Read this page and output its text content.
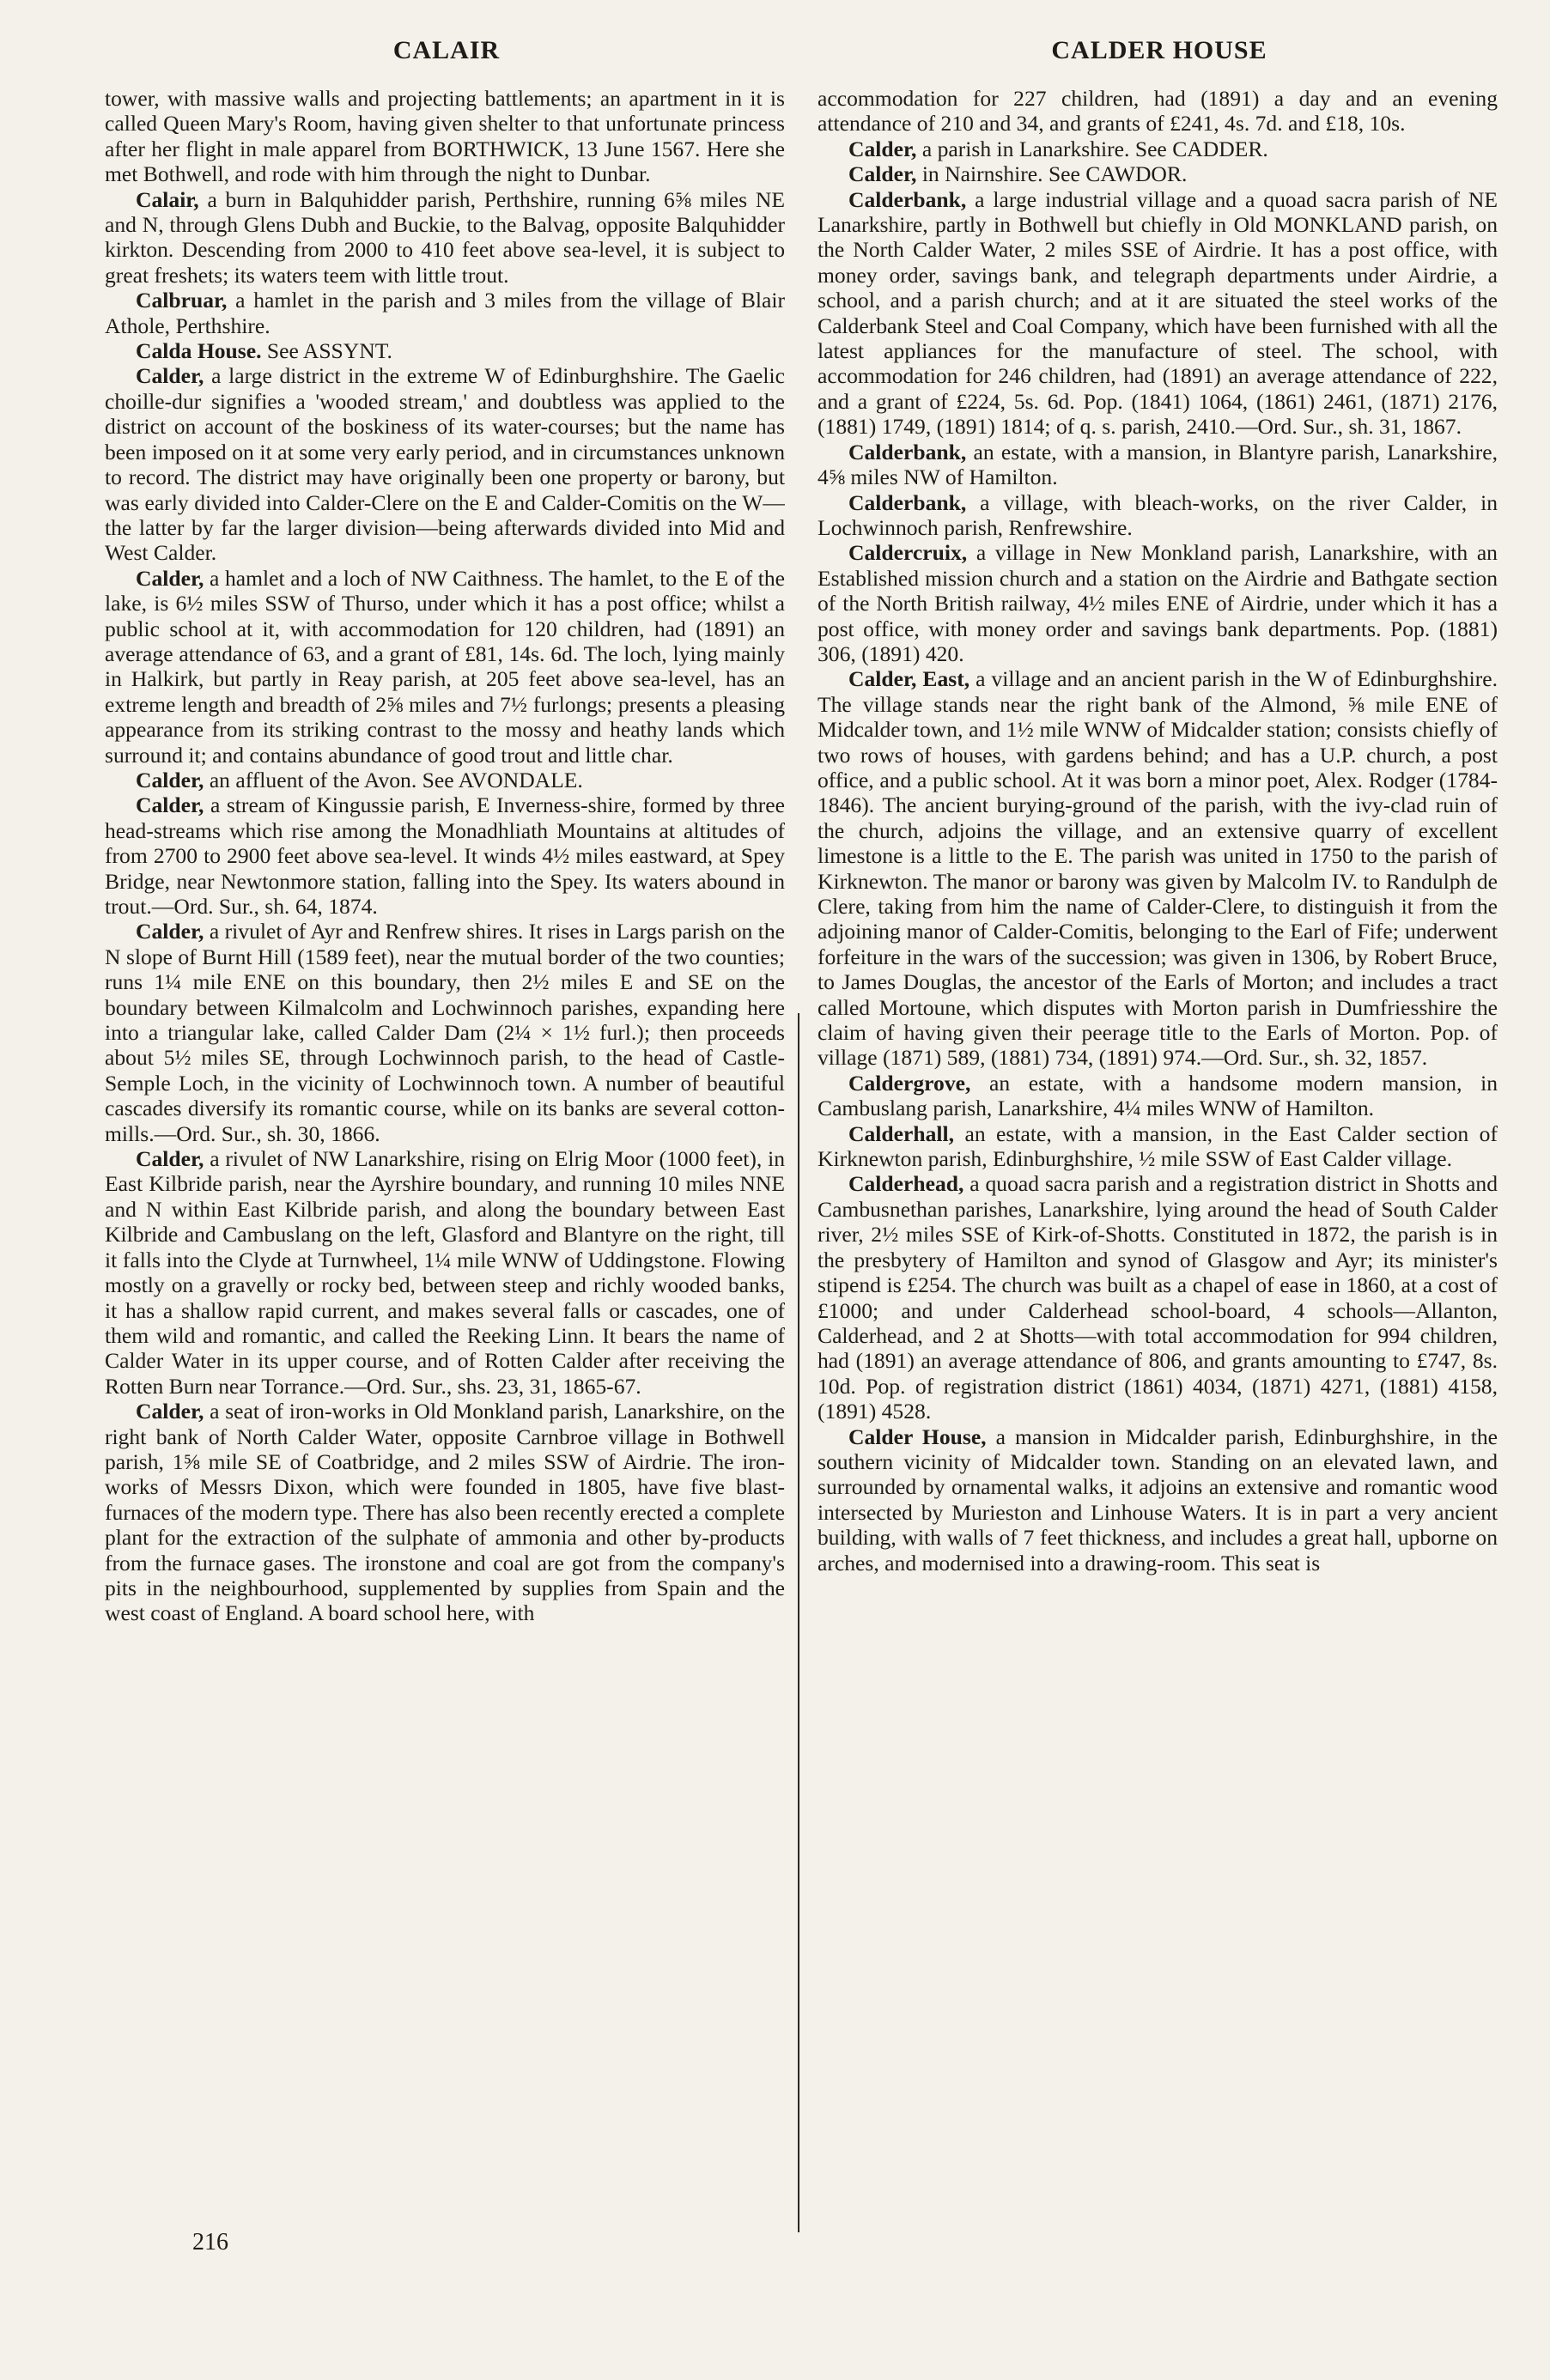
CALAIR	CALDER HOUSE

tower, with massive walls and projecting battlements; an apartment in it is called Queen Mary's Room, having given shelter to that unfortunate princess after her flight in male apparel from BORTHWICK, 13 June 1567. Here she met Bothwell, and rode with him through the night to Dunbar.

Calair, a burn in Balquhidder parish, Perthshire, running 6⅝ miles NE and N, through Glens Dubh and Buckie, to the Balvag, opposite Balquhidder kirkton. Descending from 2000 to 410 feet above sea-level, it is subject to great freshets; its waters teem with little trout.

Calbruar, a hamlet in the parish and 3 miles from the village of Blair Athole, Perthshire.

Calda House. See ASSYNT.

Calder, a large district in the extreme W of Edinburghshire. The Gaelic choille-dur signifies a 'wooded stream,' and doubtless was applied to the district on account of the boskiness of its water-courses; but the name has been imposed on it at some very early period, and in circumstances unknown to record. The district may have originally been one property or barony, but was early divided into Calder-Clere on the E and Calder-Comitis on the W—the latter by far the larger division—being afterwards divided into Mid and West Calder.

Calder, a hamlet and a loch of NW Caithness. The hamlet, to the E of the lake, is 6½ miles SSW of Thurso, under which it has a post office; whilst a public school at it, with accommodation for 120 children, had (1891) an average attendance of 63, and a grant of £81, 14s. 6d. The loch, lying mainly in Halkirk, but partly in Reay parish, at 205 feet above sea-level, has an extreme length and breadth of 2⅝ miles and 7½ furlongs; presents a pleasing appearance from its striking contrast to the mossy and heathy lands which surround it; and contains abundance of good trout and little char.

Calder, an affluent of the Avon. See AVONDALE.

Calder, a stream of Kingussie parish, E Inverness-shire, formed by three head-streams which rise among the Monadhliath Mountains at altitudes of from 2700 to 2900 feet above sea-level. It winds 4½ miles eastward, at Spey Bridge, near Newtonmore station, falling into the Spey. Its waters abound in trout.—Ord. Sur., sh. 64, 1874.

Calder, a rivulet of Ayr and Renfrew shires. It rises in Largs parish on the N slope of Burnt Hill (1589 feet), near the mutual border of the two counties; runs 1¼ mile ENE on this boundary, then 2½ miles E and SE on the boundary between Kilmalcolm and Lochwinnoch parishes, expanding here into a triangular lake, called Calder Dam (2¼ × 1½ furl.); then proceeds about 5½ miles SE, through Lochwinnoch parish, to the head of Castle-Semple Loch, in the vicinity of Lochwinnoch town. A number of beautiful cascades diversify its romantic course, while on its banks are several cotton-mills.—Ord. Sur., sh. 30, 1866.

Calder, a rivulet of NW Lanarkshire, rising on Elrig Moor (1000 feet), in East Kilbride parish, near the Ayrshire boundary, and running 10 miles NNE and N within East Kilbride parish, and along the boundary between East Kilbride and Cambuslang on the left, Glasford and Blantyre on the right, till it falls into the Clyde at Turnwheel, 1¼ mile WNW of Uddingstone. Flowing mostly on a gravelly or rocky bed, between steep and richly wooded banks, it has a shallow rapid current, and makes several falls or cascades, one of them wild and romantic, and called the Reeking Linn. It bears the name of Calder Water in its upper course, and of Rotten Calder after receiving the Rotten Burn near Torrance.—Ord. Sur., shs. 23, 31, 1865-67.

Calder, a seat of iron-works in Old Monkland parish, Lanarkshire, on the right bank of North Calder Water, opposite Carnbroe village in Bothwell parish, 1⅝ mile SE of Coatbridge, and 2 miles SSW of Airdrie. The iron-works of Messrs Dixon, which were founded in 1805, have five blast-furnaces of the modern type. There has also been recently erected a complete plant for the extraction of the sulphate of ammonia and other by-products from the furnace gases. The ironstone and coal are got from the company's pits in the neighbourhood, supplemented by supplies from Spain and the west coast of England. A board school here, with

accommodation for 227 children, had (1891) a day and an evening attendance of 210 and 34, and grants of £241, 4s. 7d. and £18, 10s.

Calder, a parish in Lanarkshire. See CADDER.

Calder, in Nairnshire. See CAWDOR.

Calderbank, a large industrial village and a quoad sacra parish of NE Lanarkshire, partly in Bothwell but chiefly in Old MONKLAND parish, on the North Calder Water, 2 miles SSE of Airdrie. It has a post office, with money order, savings bank, and telegraph departments under Airdrie, a school, and a parish church; and at it are situated the steel works of the Calderbank Steel and Coal Company, which have been furnished with all the latest appliances for the manufacture of steel. The school, with accommodation for 246 children, had (1891) an average attendance of 222, and a grant of £224, 5s. 6d. Pop. (1841) 1064, (1861) 2461, (1871) 2176, (1881) 1749, (1891) 1814; of q. s. parish, 2410.—Ord. Sur., sh. 31, 1867.

Calderbank, an estate, with a mansion, in Blantyre parish, Lanarkshire, 4⅝ miles NW of Hamilton.

Calderbank, a village, with bleach-works, on the river Calder, in Lochwinnoch parish, Renfrewshire.

Caldercruix, a village in New Monkland parish, Lanarkshire, with an Established mission church and a station on the Airdrie and Bathgate section of the North British railway, 4½ miles ENE of Airdrie, under which it has a post office, with money order and savings bank departments. Pop. (1881) 306, (1891) 420.

Calder, East, a village and an ancient parish in the W of Edinburghshire. The village stands near the right bank of the Almond, ⅝ mile ENE of Midcalder town, and 1½ mile WNW of Midcalder station; consists chiefly of two rows of houses, with gardens behind; and has a U.P. church, a post office, and a public school. At it was born a minor poet, Alex. Rodger (1784-1846). The ancient burying-ground of the parish, with the ivy-clad ruin of the church, adjoins the village, and an extensive quarry of excellent limestone is a little to the E. The parish was united in 1750 to the parish of Kirknewton. The manor or barony was given by Malcolm IV. to Randulph de Clere, taking from him the name of Calder-Clere, to distinguish it from the adjoining manor of Calder-Comitis, belonging to the Earl of Fife; underwent forfeiture in the wars of the succession; was given in 1306, by Robert Bruce, to James Douglas, the ancestor of the Earls of Morton; and includes a tract called Mortoune, which disputes with Morton parish in Dumfriesshire the claim of having given their peerage title to the Earls of Morton. Pop. of village (1871) 589, (1881) 734, (1891) 974.—Ord. Sur., sh. 32, 1857.

Caldergrove, an estate, with a handsome modern mansion, in Cambuslang parish, Lanarkshire, 4¼ miles WNW of Hamilton.

Calderhall, an estate, with a mansion, in the East Calder section of Kirknewton parish, Edinburghshire, ½ mile SSW of East Calder village.

Calderhead, a quoad sacra parish and a registration district in Shotts and Cambusnethan parishes, Lanarkshire, lying around the head of South Calder river, 2½ miles SSE of Kirk-of-Shotts. Constituted in 1872, the parish is in the presbytery of Hamilton and synod of Glasgow and Ayr; its minister's stipend is £254. The church was built as a chapel of ease in 1860, at a cost of £1000; and under Calderhead school-board, 4 schools—Allanton, Calderhead, and 2 at Shotts—with total accommodation for 994 children, had (1891) an average attendance of 806, and grants amounting to £747, 8s. 10d. Pop. of registration district (1861) 4034, (1871) 4271, (1881) 4158, (1891) 4528.

Calder House, a mansion in Midcalder parish, Edinburghshire, in the southern vicinity of Midcalder town. Standing on an elevated lawn, and surrounded by ornamental walks, it adjoins an extensive and romantic wood intersected by Murieston and Linhouse Waters. It is in part a very ancient building, with walls of 7 feet thickness, and includes a great hall, upborne on arches, and modernised into a drawing-room. This seat is

216
